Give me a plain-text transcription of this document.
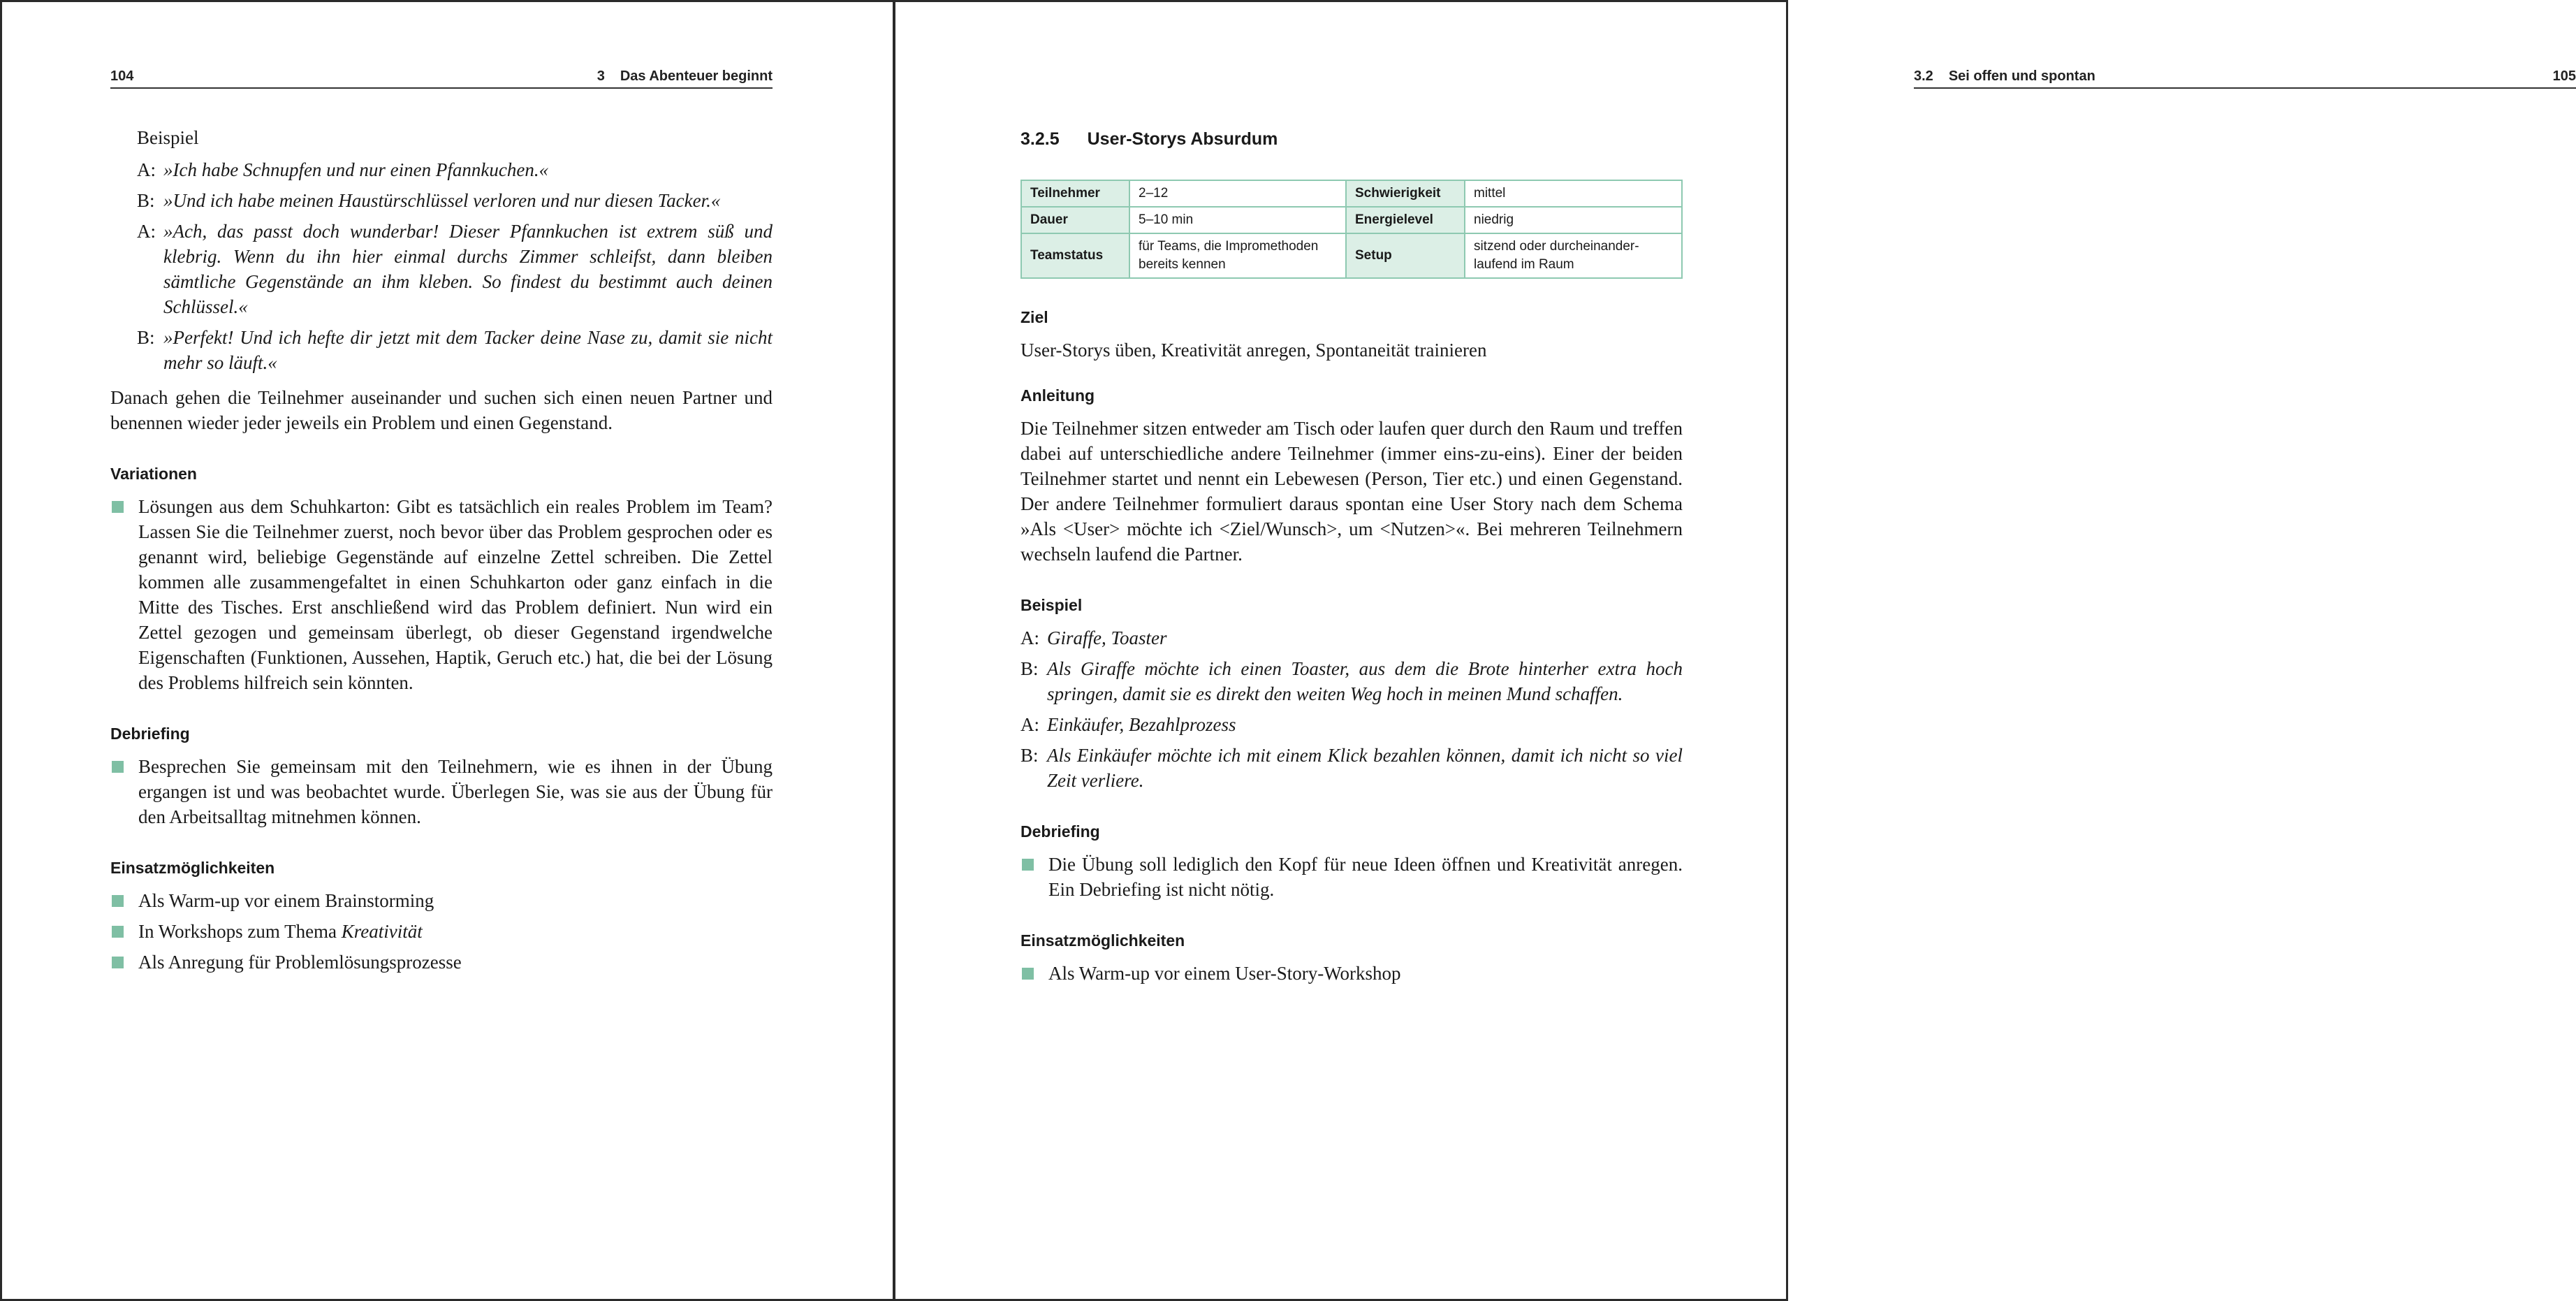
104	3 Das Abenteuer beginnt

Beispiel

A: »Ich habe Schnupfen und nur einen Pfannkuchen.«
B: »Und ich habe meinen Haustürschlüssel verloren und nur diesen Tacker.«
A: »Ach, das passt doch wunderbar! Dieser Pfannkuchen ist extrem süß und klebrig. Wenn du ihn hier einmal durchs Zimmer schleifst, dann bleiben sämtliche Gegenstände an ihm kleben. So findest du bestimmt auch deinen Schlüssel.«
B: »Perfekt! Und ich hefte dir jetzt mit dem Tacker deine Nase zu, damit sie nicht mehr so läuft.«

Danach gehen die Teilnehmer auseinander und suchen sich einen neuen Partner und benennen wieder jeder jeweils ein Problem und einen Gegenstand.

Variationen
Lösungen aus dem Schuhkarton: Gibt es tatsächlich ein reales Problem im Team? Lassen Sie die Teilnehmer zuerst, noch bevor über das Problem gesprochen oder es genannt wird, beliebige Gegenstände auf einzelne Zettel schreiben. Die Zettel kommen alle zusammengefaltet in einen Schuhkarton oder ganz einfach in die Mitte des Tisches. Erst anschließend wird das Problem definiert. Nun wird ein Zettel gezogen und gemeinsam überlegt, ob dieser Gegenstand irgendwelche Eigenschaften (Funktionen, Aussehen, Haptik, Geruch etc.) hat, die bei der Lösung des Problems hilfreich sein könnten.
Debriefing
Besprechen Sie gemeinsam mit den Teilnehmern, wie es ihnen in der Übung ergangen ist und was beobachtet wurde. Überlegen Sie, was sie aus der Übung für den Arbeitsalltag mitnehmen können.
Einsatzmöglichkeiten
Als Warm-up vor einem Brainstorming
In Workshops zum Thema Kreativität
Als Anregung für Problemlösungsprozesse
3.2 Sei offen und spontan	105
3.2.5 User-Storys Absurdum
Teilnehmer	2–12	Schwierigkeit	mittel
Dauer	5–10 min	Energielevel	niedrig
Teamstatus	für Teams, die Impromethoden bereits kennen	Setup	sitzend oder durcheinander-laufend im Raum
Ziel

User-Storys üben, Kreativität anregen, Spontaneität trainieren

Anleitung

Die Teilnehmer sitzen entweder am Tisch oder laufen quer durch den Raum und treffen dabei auf unterschiedliche andere Teilnehmer (immer eins-zu-eins). Einer der beiden Teilnehmer startet und nennt ein Lebewesen (Person, Tier etc.) und einen Gegenstand. Der andere Teilnehmer formuliert daraus spontan eine User Story nach dem Schema »Als <User> möchte ich <Ziel/Wunsch>, um <Nutzen>«. Bei mehreren Teilnehmern wechseln laufend die Partner.

Beispiel
A: Giraffe, Toaster
B: Als Giraffe möchte ich einen Toaster, aus dem die Brote hinterher extra hoch springen, damit sie es direkt den weiten Weg hoch in meinen Mund schaffen.
A: Einkäufer, Bezahlprozess
B: Als Einkäufer möchte ich mit einem Klick bezahlen können, damit ich nicht so viel Zeit verliere.
Debriefing
Die Übung soll lediglich den Kopf für neue Ideen öffnen und Kreativität anregen. Ein Debriefing ist nicht nötig.
Einsatzmöglichkeiten
Als Warm-up vor einem User-Story-Workshop
